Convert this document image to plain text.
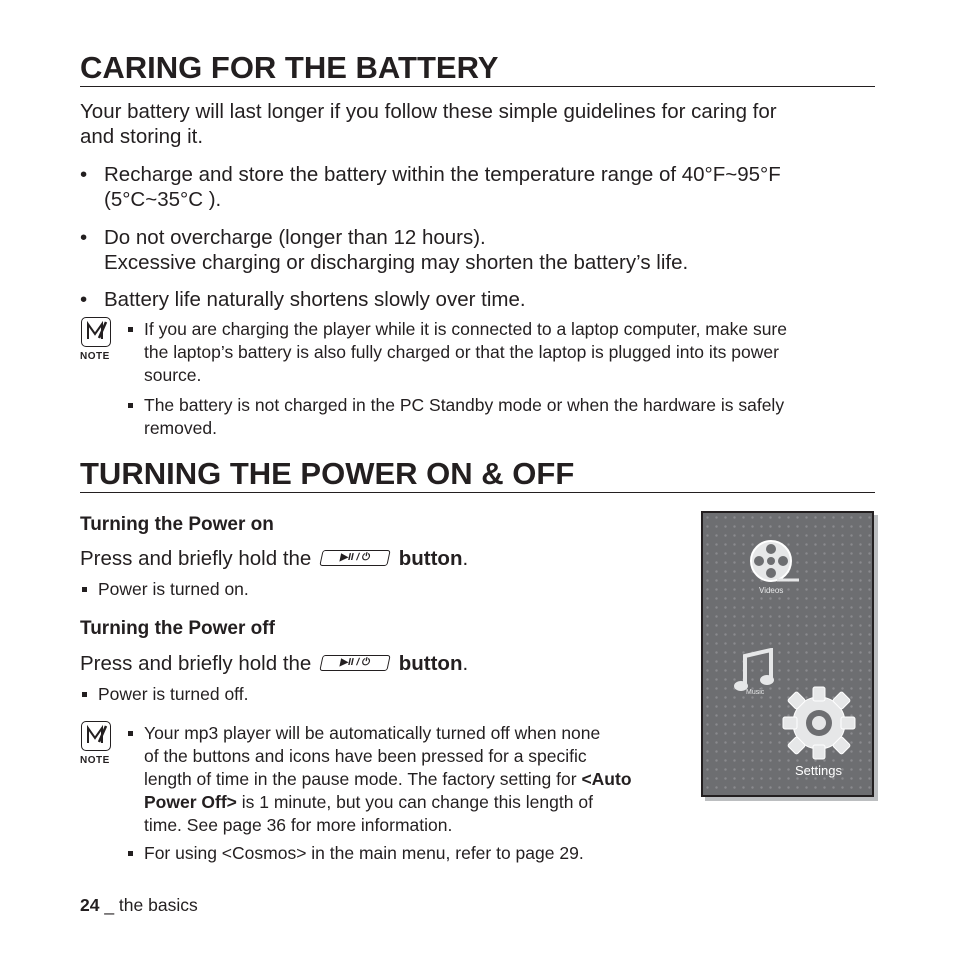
CARING FOR THE BATTERY
Your battery will last longer if you follow these simple guidelines for caring for
and storing it.
• Recharge and store the battery within the temperature range of 40°F~95°F
(5°C~35°C ).
• Do not overcharge (longer than 12 hours).
Excessive charging or discharging may shorten the battery’s life.
• Battery life naturally shortens slowly over time.
NOTE
If you are charging the player while it is connected to a laptop computer, make sure
the laptop’s battery is also fully charged or that the laptop is plugged into its power
source.
The battery is not charged in the PC Standby mode or when the hardware is safely
removed.
TURNING THE POWER ON & OFF
Turning the Power on
Press and briefly hold the	▶II / ⏻ button.
Power is turned on.
Turning the Power off
Press and briefly hold the	▶II / ⏻ button.
Power is turned off.
NOTE
Your mp3 player will be automatically turned off when none
of the buttons and icons have been pressed for a specific
length of time in the pause mode. The factory setting for <Auto
Power Off> is 1 minute, but you can change this length of
time. See page 36 for more information.
For using <Cosmos> in the main menu, refer to page 29.
Videos
Music
Settings
24 _ the basics
